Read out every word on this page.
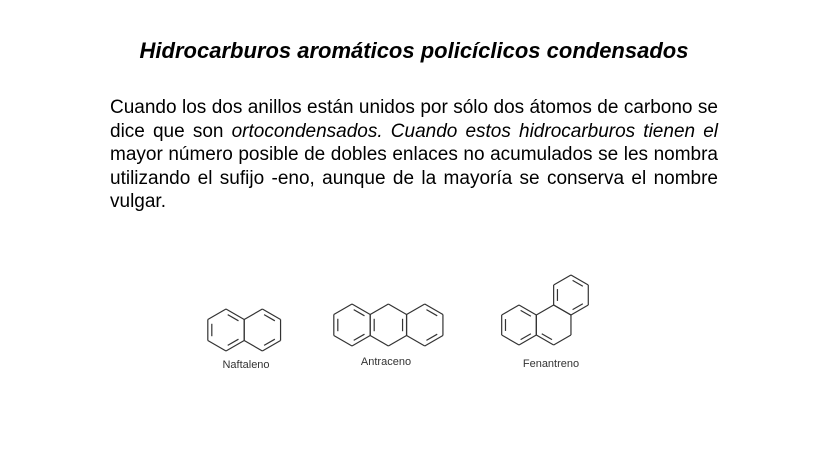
Hidrocarburos aromáticos policíclicos condensados

Cuando los dos anillos están unidos por sólo dos átomos de carbono se dice que son ortocondensados. Cuando estos hidrocarburos tienen el mayor número posible de dobles enlaces no acumulados se les nombra utilizando el sufijo -eno, aunque de la mayoría se conserva el nombre vulgar.

Naftaleno	Antraceno	Fenantreno
